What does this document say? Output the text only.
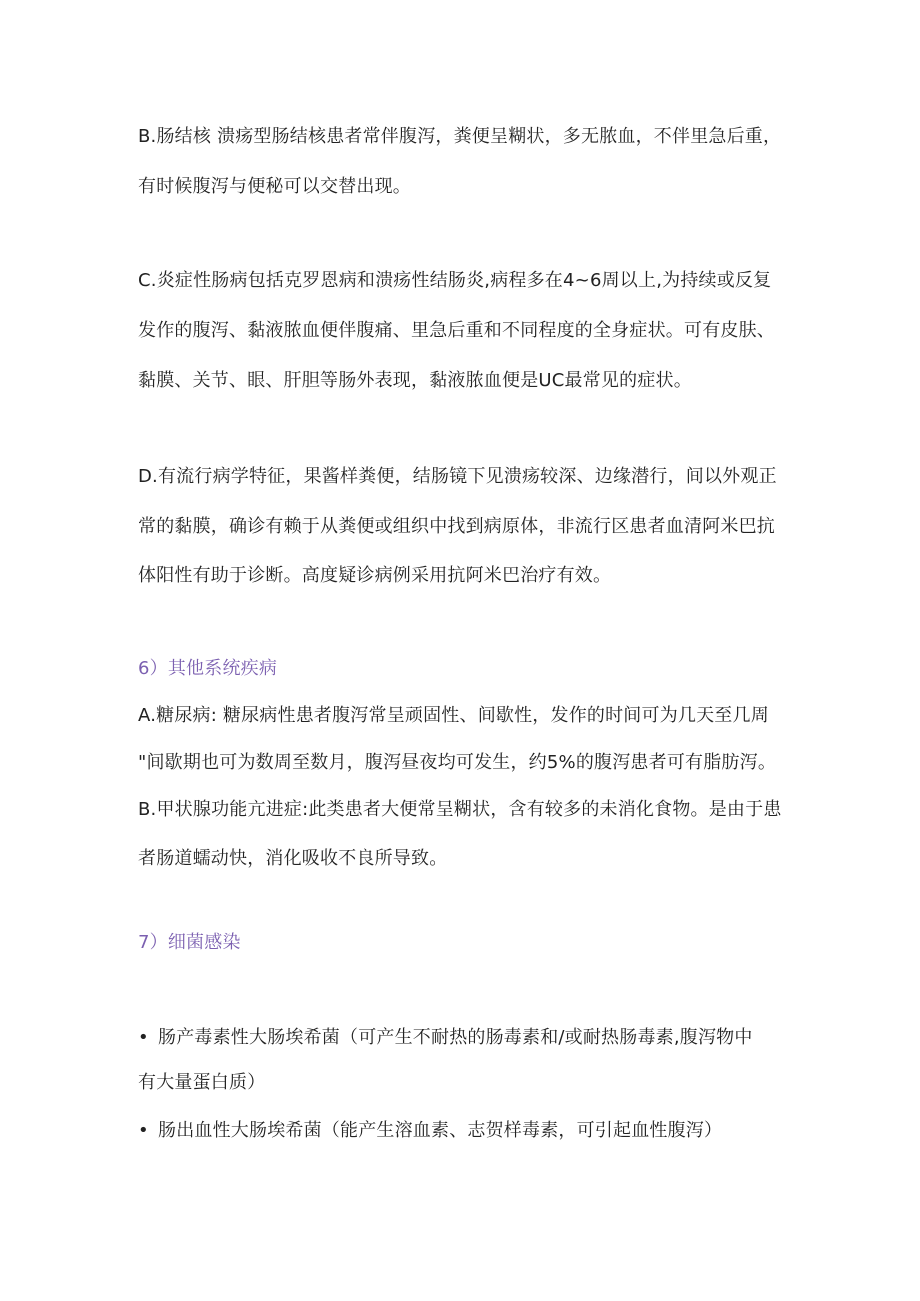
B.肠结核 溃疡型肠结核患者常伴腹泻，粪便呈糊状，多无脓血，不伴里急后重，
有时候腹泻与便秘可以交替出现。
C.炎症性肠病包括克罗恩病和溃疡性结肠炎,病程多在4~6周以上,为持续或反复
发作的腹泻、黏液脓血便伴腹痛、里急后重和不同程度的全身症状。可有皮肤、
黏膜、关节、眼、肝胆等肠外表现，黏液脓血便是UC最常见的症状。
D.有流行病学特征，果酱样粪便，结肠镜下见溃疡较深、边缘潜行，间以外观正
常的黏膜，确诊有赖于从粪便或组织中找到病原体，非流行区患者血清阿米巴抗
体阳性有助于诊断。高度疑诊病例采用抗阿米巴治疗有效。
6）其他系统疾病
A.糖尿病: 糖尿病性患者腹泻常呈顽固性、间歇性，发作的时间可为几天至几周
"间歇期也可为数周至数月，腹泻昼夜均可发生，约5%的腹泻患者可有脂肪泻。
B.甲状腺功能亢进症:此类患者大便常呈糊状，含有较多的未消化食物。是由于患
者肠道蠕动快，消化吸收不良所导致。
7）细菌感染
• 肠产毒素性大肠埃希菌（可产生不耐热的肠毒素和/或耐热肠毒素,腹泻物中
有大量蛋白质）
• 肠出血性大肠埃希菌（能产生溶血素、志贺样毒素，可引起血性腹泻）
